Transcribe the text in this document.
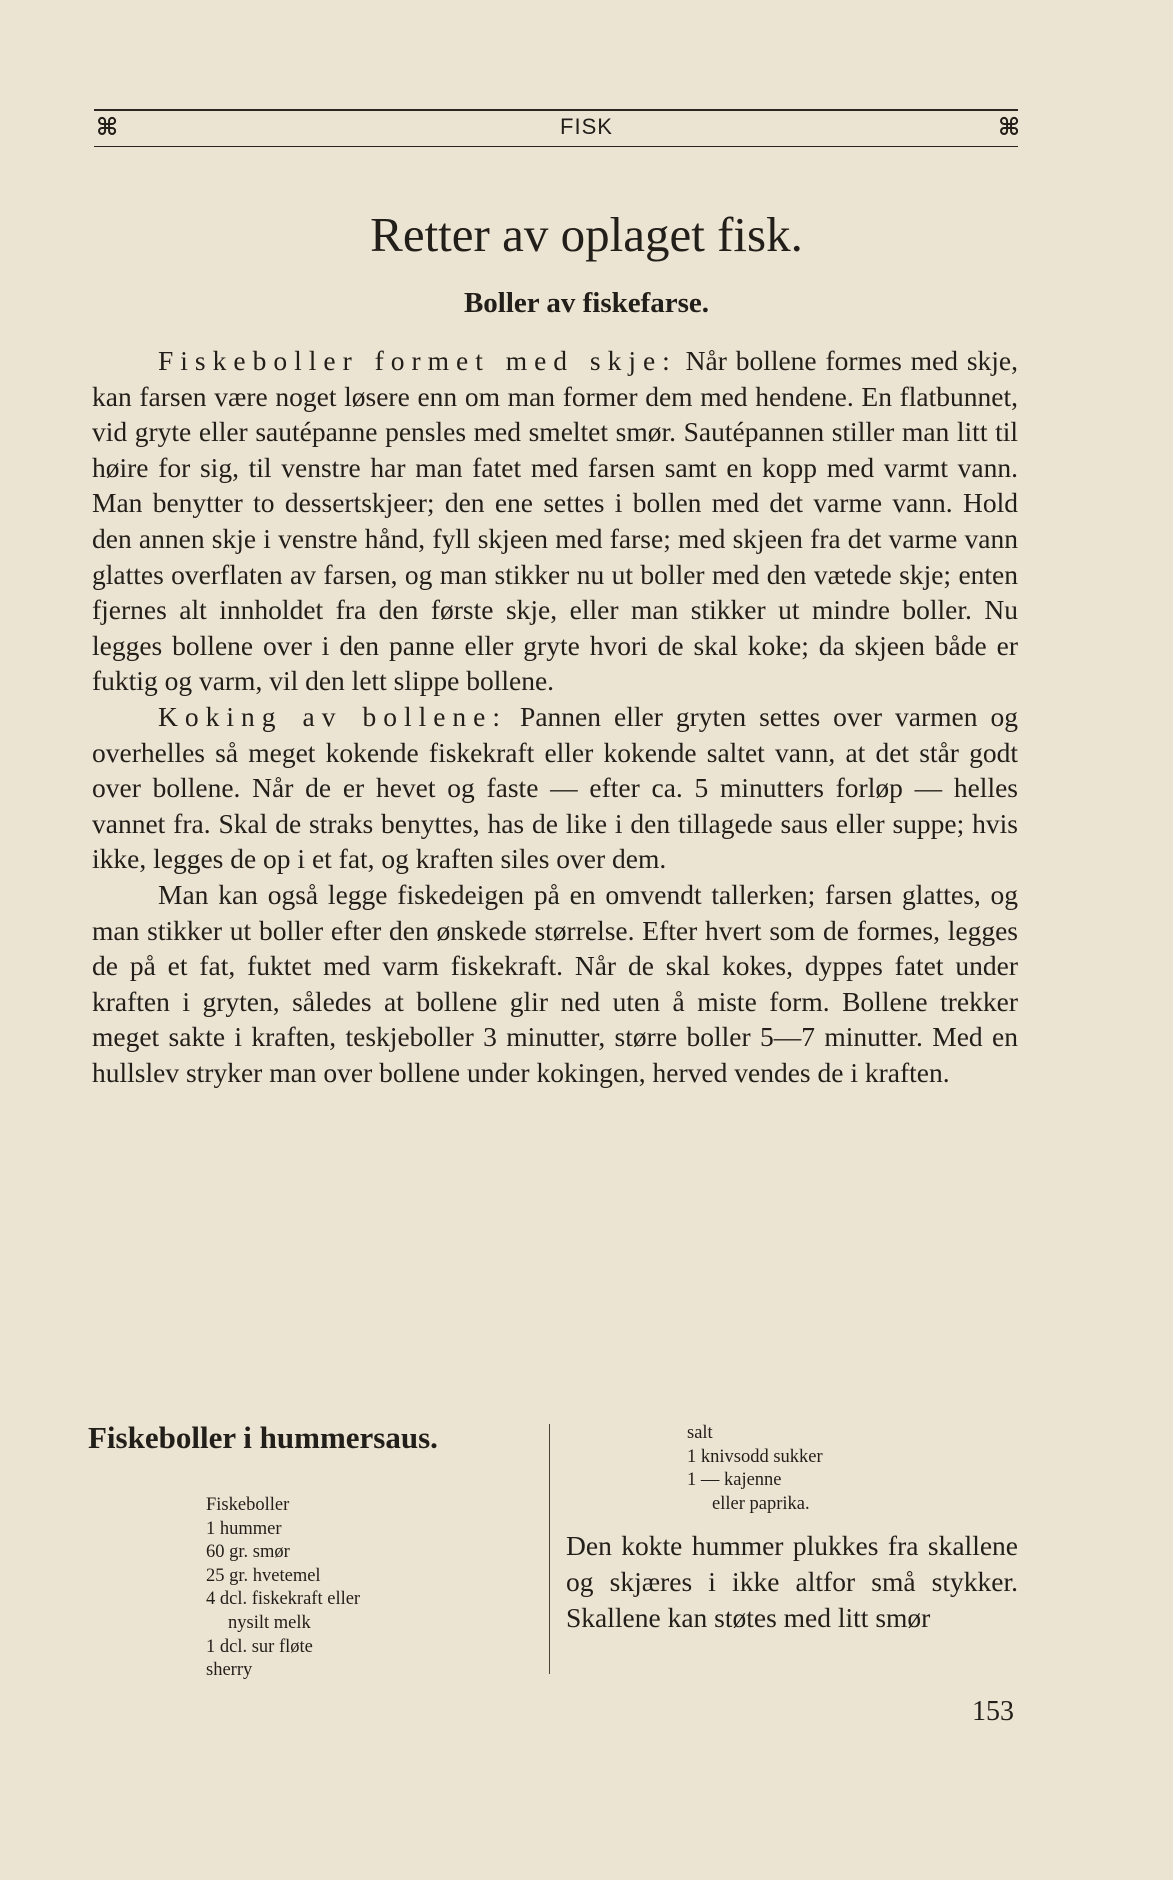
⌘	FISK	⌘
Retter av oplaget fisk.
Boller av fiskefarse.

Fiskeboller formet med skje: Når bollene formes med skje, kan farsen være noget løsere enn om man former dem med hendene. En flatbunnet, vid gryte eller sautépanne pensles med smeltet smør. Sautépannen stiller man litt til høire for sig, til venstre har man fatet med farsen samt en kopp med varmt vann. Man benytter to dessertskjeer; den ene settes i bollen med det varme vann. Hold den annen skje i venstre hånd, fyll skjeen med farse; med skjeen fra det varme vann glattes overflaten av farsen, og man stikker nu ut boller med den vætede skje; enten fjernes alt innholdet fra den første skje, eller man stikker ut mindre boller. Nu legges bollene over i den panne eller gryte hvori de skal koke; da skjeen både er fuktig og varm, vil den lett slippe bollene.

Koking av bollene: Pannen eller gryten settes over varmen og overhelles så meget kokende fiskekraft eller kokende saltet vann, at det står godt over bollene. Når de er hevet og faste — efter ca. 5 minutters forløp — helles vannet fra. Skal de straks benyttes, has de like i den tillagede saus eller suppe; hvis ikke, legges de op i et fat, og kraften siles over dem.

Man kan også legge fiskedeigen på en omvendt tallerken; farsen glattes, og man stikker ut boller efter den ønskede størrelse. Efter hvert som de formes, legges de på et fat, fuktet med varm fiskekraft. Når de skal kokes, dyppes fatet under kraften i gryten, således at bollene glir ned uten å miste form. Bollene trekker meget sakte i kraften, teskjeboller 3 minutter, større boller 5—7 minutter. Med en hullslev stryker man over bollene under kokingen, herved vendes de i kraften.

Fiskeboller i hummersaus.
Fiskeboller
1 hummer
60 gr. smør
25 gr. hvetemel
4 dcl. fiskekraft eller
nysilt melk
1 dcl. sur fløte
sherry
salt
1 knivsodd sukker
1 — kajenne
eller paprika.

Den kokte hummer plukkes fra skallene og skjæres i ikke altfor små stykker. Skallene kan støtes med litt smør

153
